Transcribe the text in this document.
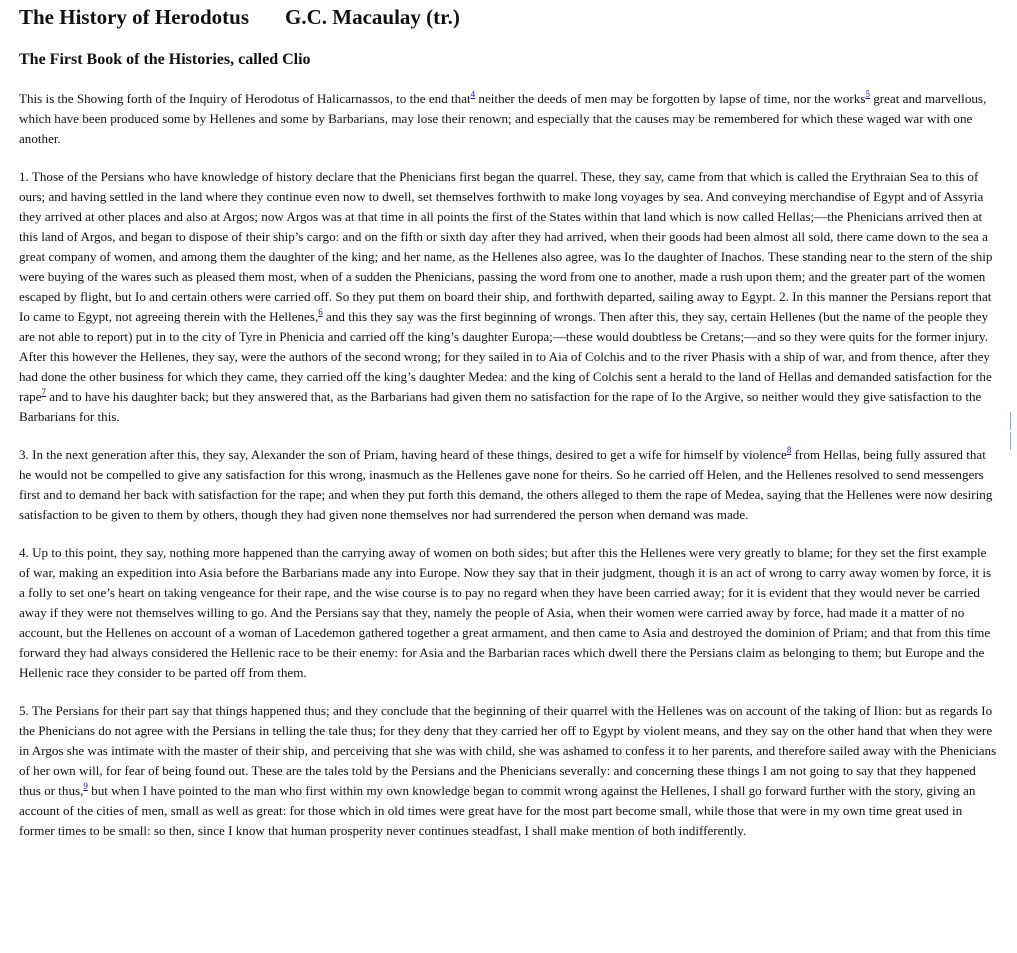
The History of Herodotus G.C. Macaulay (tr.)
The First Book of the Histories, called Clio

This is the Showing forth of the Inquiry of Herodotus of Halicarnassos, to the end that$^4$ neither the deeds of men may be forgotten by lapse of time, nor the works$^5$ great and marvellous, which have been produced some by Hellenes and some by Barbarians, may lose their renown; and especially that the causes may be remembered for which these waged war with one another.

1. Those of the Persians who have knowledge of history declare that the Phenicians first began the quarrel. These, they say, came from that which is called the Erythraian Sea to this of ours; and having settled in the land where they continue even now to dwell, set themselves forthwith to make long voyages by sea. And conveying merchandise of Egypt and of Assyria they arrived at other places and also at Argos; now Argos was at that time in all points the first of the States within that land which is now called Hellas;—the Phenicians arrived then at this land of Argos, and began to dispose of their ship’s cargo: and on the fifth or sixth day after they had arrived, when their goods had been almost all sold, there came down to the sea a great company of women, and among them the daughter of the king; and her name, as the Hellenes also agree, was Io the daughter of Inachos. These standing near to the stern of the ship were buying of the wares such as pleased them most, when of a sudden the Phenicians, passing the word from one to another, made a rush upon them; and the greater part of the women escaped by flight, but Io and certain others were carried off. So they put them on board their ship, and forthwith departed, sailing away to Egypt. 2. In this manner the Persians report that Io came to Egypt, not agreeing therein with the Hellenes,$^6$ and this they say was the first beginning of wrongs. Then after this, they say, certain Hellenes (but the name of the people they are not able to report) put in to the city of Tyre in Phenicia and carried off the king’s daughter Europa;—these would doubtless be Cretans;—and so they were quits for the former injury. After this however the Hellenes, they say, were the authors of the second wrong; for they sailed in to Aia of Colchis and to the river Phasis with a ship of war, and from thence, after they had done the other business for which they came, they carried off the king’s daughter Medea: and the king of Colchis sent a herald to the land of Hellas and demanded satisfaction for the rape$^7$ and to have his daughter back; but they answered that, as the Barbarians had given them no satisfaction for the rape of Io the Argive, so neither would they give satisfaction to the Barbarians for this.

3. In the next generation after this, they say, Alexander the son of Priam, having heard of these things, desired to get a wife for himself by violence$^8$ from Hellas, being fully assured that he would not be compelled to give any satisfaction for this wrong, inasmuch as the Hellenes gave none for theirs. So he carried off Helen, and the Hellenes resolved to send messengers first and to demand her back with satisfaction for the rape; and when they put forth this demand, the others alleged to them the rape of Medea, saying that the Hellenes were now desiring satisfaction to be given to them by others, though they had given none themselves nor had surrendered the person when demand was made.

4. Up to this point, they say, nothing more happened than the carrying away of women on both sides; but after this the Hellenes were very greatly to blame; for they set the first example of war, making an expedition into Asia before the Barbarians made any into Europe. Now they say that in their judgment, though it is an act of wrong to carry away women by force, it is a folly to set one’s heart on taking vengeance for their rape, and the wise course is to pay no regard when they have been carried away; for it is evident that they would never be carried away if they were not themselves willing to go. And the Persians say that they, namely the people of Asia, when their women were carried away by force, had made it a matter of no account, but the Hellenes on account of a woman of Lacedemon gathered together a great armament, and then came to Asia and destroyed the dominion of Priam; and that from this time forward they had always considered the Hellenic race to be their enemy: for Asia and the Barbarian races which dwell there the Persians claim as belonging to them; but Europe and the Hellenic race they consider to be parted off from them.

5. The Persians for their part say that things happened thus; and they conclude that the beginning of their quarrel with the Hellenes was on account of the taking of Ilion: but as regards Io the Phenicians do not agree with the Persians in telling the tale thus; for they deny that they carried her off to Egypt by violent means, and they say on the other hand that when they were in Argos she was intimate with the master of their ship, and perceiving that she was with child, she was ashamed to confess it to her parents, and therefore sailed away with the Phenicians of her own will, for fear of being found out. These are the tales told by the Persians and the Phenicians severally: and concerning these things I am not going to say that they happened thus or thus,$^9$ but when I have pointed to the man who first within my own knowledge began to commit wrong against the Hellenes, I shall go forward further with the story, giving an account of the cities of men, small as well as great: for those which in old times were great have for the most part become small, while those that were in my own time great used in former times to be small: so then, since I know that human prosperity never continues steadfast, I shall make mention of both indifferently.
